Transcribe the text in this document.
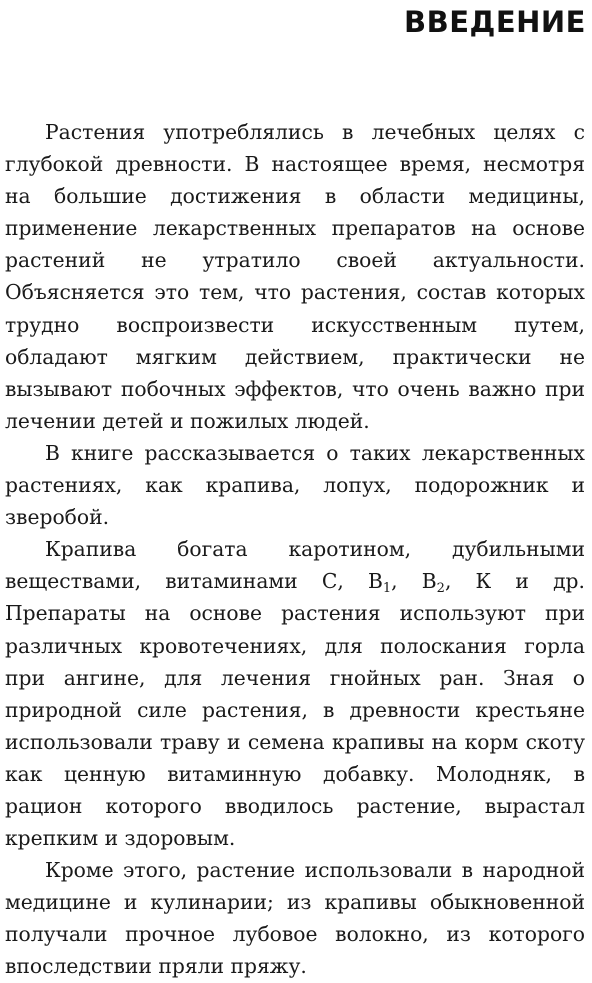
ВВЕДЕНИЕ

Растения употреблялись в лечебных целях с глубокой древности. В настоящее время, несмотря на большие достижения в области медицины, применение лекарственных препаратов на основе растений не утратило своей актуальности. Объясняется это тем, что растения, состав которых трудно воспроизвести искусственным путем, обладают мягким действием, практически не вызывают побочных эффектов, что очень важно при лечении детей и пожилых людей.

В книге рассказывается о таких лекарственных растениях, как крапива, лопух, подорожник и зверобой.

Крапива богата каротином, дубильными веществами, витаминами С, $В_1$, $В_2$, К и др. Препараты на основе растения используют при различных кровотечениях, для полоскания горла при ангине, для лечения гнойных ран. Зная о природной силе растения, в древности крестьяне использовали траву и семена крапивы на корм скоту как ценную витаминную добавку. Молодняк, в рацион которого вводилось растение, вырастал крепким и здоровым.

Кроме этого, растение использовали в народной медицине и кулинарии; из крапивы обыкновенной получали прочное лубовое волокно, из которого впоследствии пряли пряжу.
